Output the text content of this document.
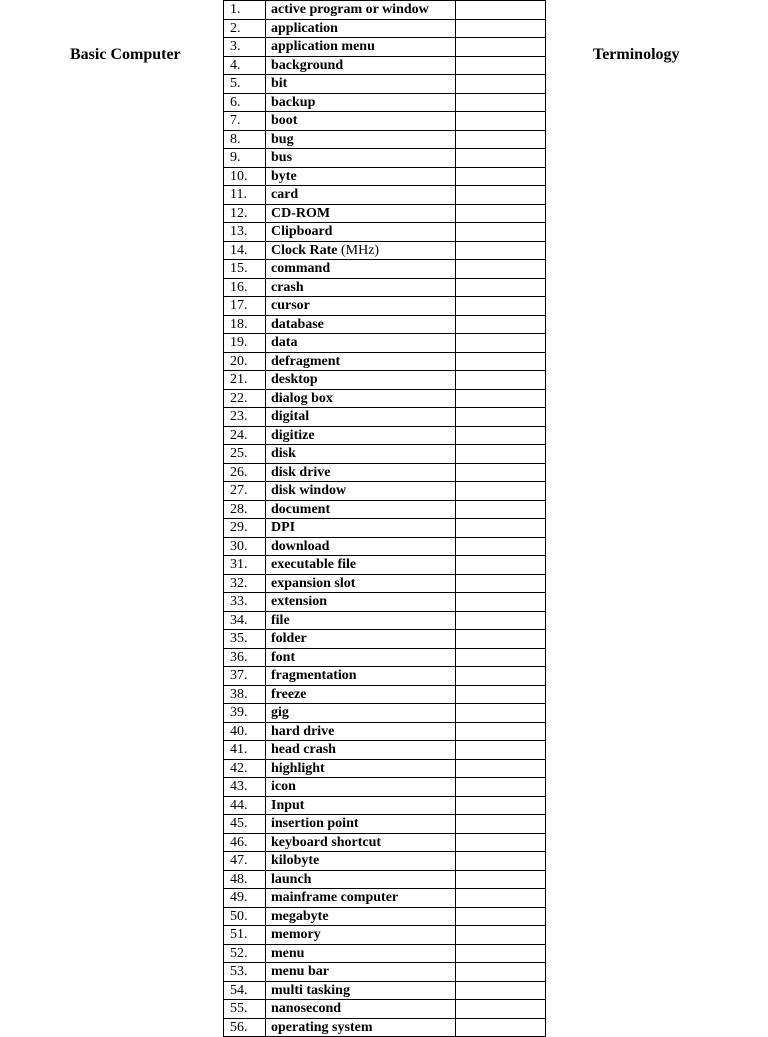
Basic Computer	Terminology
1.	active program or window	
2.	application	
3.	application menu	
4.	background	
5.	bit	
6.	backup	
7.	boot	
8.	bug	
9.	bus	
10.	byte	
11.	card	
12.	CD-ROM	
13.	Clipboard	
14.	Clock Rate (MHz)	
15.	command	
16.	crash	
17.	cursor	
18.	database	
19.	data	
20.	defragment	
21.	desktop	
22.	dialog box	
23.	digital	
24.	digitize	
25.	disk	
26.	disk drive	
27.	disk window	
28.	document	
29.	DPI	
30.	download	
31.	executable file	
32.	expansion slot	
33.	extension	
34.	file	
35.	folder	
36.	font	
37.	fragmentation	
38.	freeze	
39.	gig	
40.	hard drive	
41.	head crash	
42.	highlight	
43.	icon	
44.	Input	
45.	insertion point	
46.	keyboard shortcut	
47.	kilobyte	
48.	launch	
49.	mainframe computer	
50.	megabyte	
51.	memory	
52.	menu	
53.	menu bar	
54.	multi tasking	
55.	nanosecond	
56.	operating system	
